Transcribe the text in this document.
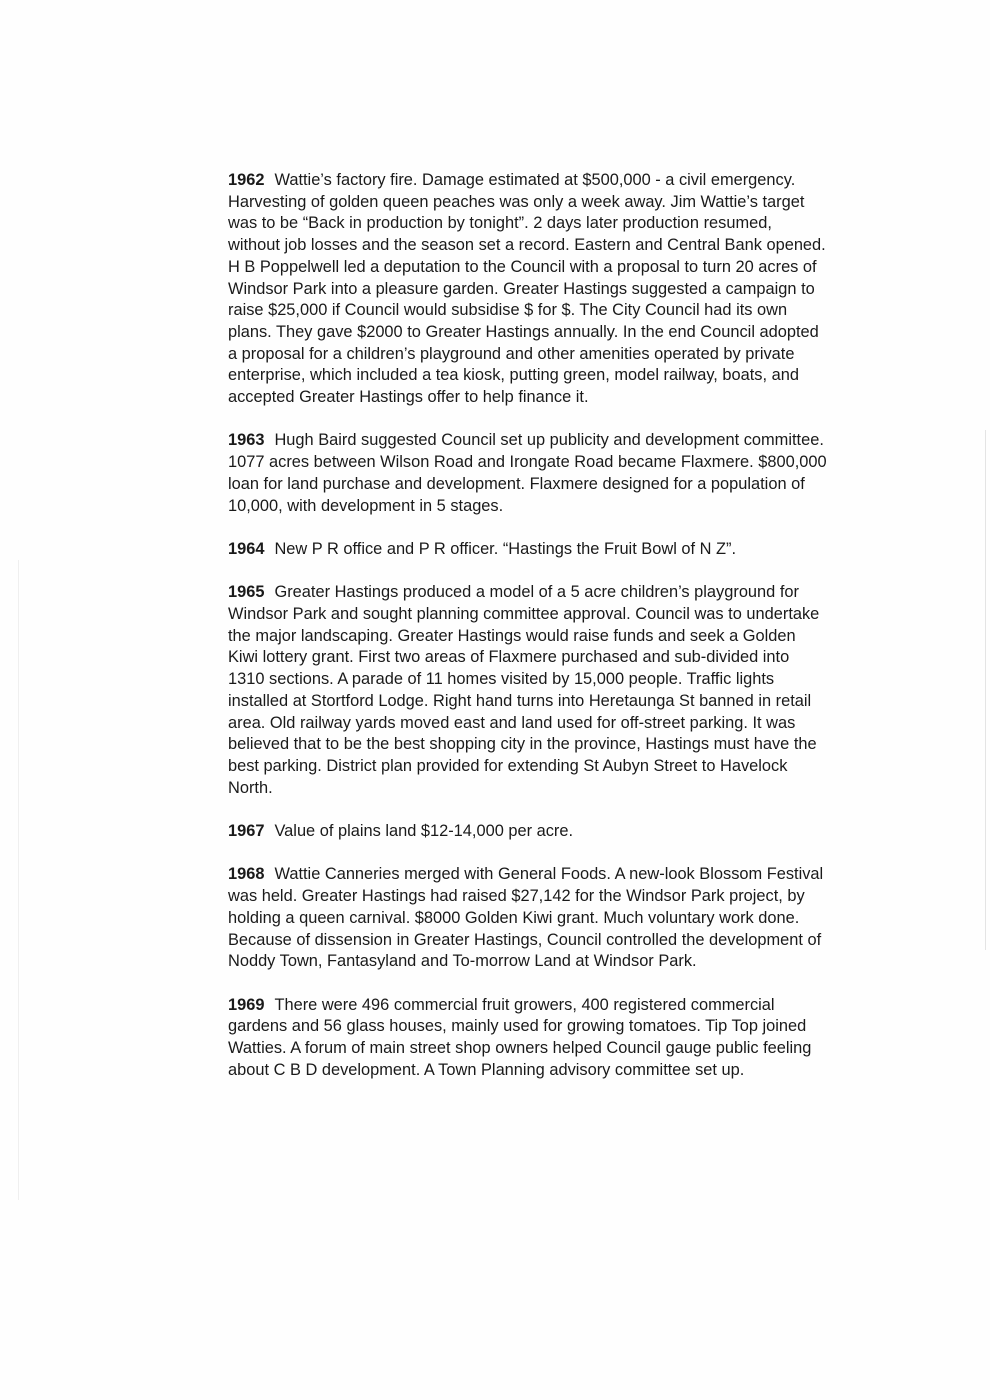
1962 Wattie’s factory fire. Damage estimated at $500,000 - a civil emergency. Harvesting of golden queen peaches was only a week away. Jim Wattie’s target was to be “Back in production by tonight”. 2 days later production resumed, without job losses and the season set a record. Eastern and Central Bank opened. H B Poppelwell led a deputation to the Council with a proposal to turn 20 acres of Windsor Park into a pleasure garden. Greater Hastings suggested a campaign to raise $25,000 if Council would subsidise $ for $. The City Council had its own plans. They gave $2000 to Greater Hastings annually. In the end Council adopted a proposal for a children’s playground and other amenities operated by private enterprise, which included a tea kiosk, putting green, model railway, boats, and accepted Greater Hastings offer to help finance it.

1963 Hugh Baird suggested Council set up publicity and development committee. 1077 acres between Wilson Road and Irongate Road became Flaxmere. $800,000 loan for land purchase and development. Flaxmere designed for a population of 10,000, with development in 5 stages.

1964 New P R office and P R officer. “Hastings the Fruit Bowl of N Z”.

1965 Greater Hastings produced a model of a 5 acre children’s playground for Windsor Park and sought planning committee approval. Council was to undertake the major landscaping. Greater Hastings would raise funds and seek a Golden Kiwi lottery grant. First two areas of Flaxmere purchased and sub-divided into 1310 sections. A parade of 11 homes visited by 15,000 people. Traffic lights installed at Stortford Lodge. Right hand turns into Heretaunga St banned in retail area. Old railway yards moved east and land used for off-street parking. It was believed that to be the best shopping city in the province, Hastings must have the best parking. District plan provided for extending St Aubyn Street to Havelock North.

1967 Value of plains land $12-14,000 per acre.

1968 Wattie Canneries merged with General Foods. A new-look Blossom Festival was held. Greater Hastings had raised $27,142 for the Windsor Park project, by holding a queen carnival. $8000 Golden Kiwi grant. Much voluntary work done. Because of dissension in Greater Hastings, Council controlled the development of Noddy Town, Fantasyland and To-morrow Land at Windsor Park.

1969 There were 496 commercial fruit growers, 400 registered commercial gardens and 56 glass houses, mainly used for growing tomatoes. Tip Top joined Watties. A forum of main street shop owners helped Council gauge public feeling about C B D development. A Town Planning advisory committee set up.
